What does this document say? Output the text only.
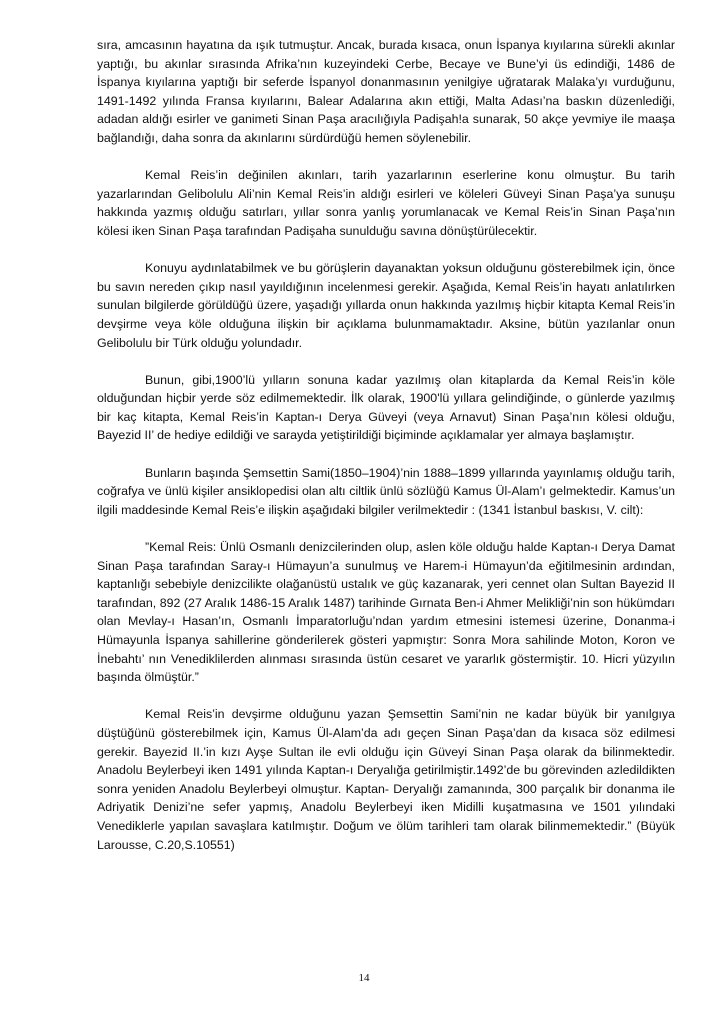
sıra, amcasının hayatına da ışık tutmuştur. Ancak, burada kısaca, onun İspanya kıyılarına sürekli akınlar yaptığı, bu akınlar sırasında Afrika’nın kuzeyindeki Cerbe, Becaye ve Bune’yi üs edindiği, 1486 de İspanya kıyılarına yaptığı bir seferde İspanyol donanmasının yenilgiye uğratarak Malaka’yı vurduğunu, 1491-1492 yılında Fransa kıyılarını, Balear Adalarına akın ettiği, Malta Adası’na baskın düzenlediği, adadan aldığı esirler ve ganimeti Sinan Paşa aracılığıyla Padişah!a sunarak, 50 akçe yevmiye ile maaşa bağlandığı, daha sonra da akınlarını sürdürdüğü hemen söylenebilir.

Kemal Reis’in değinilen akınları, tarih yazarlarının eserlerine konu olmuştur. Bu tarih yazarlarından Gelibolulu Ali’nin Kemal Reis’in aldığı esirleri ve köleleri Güveyi Sinan Paşa’ya sunuşu hakkında yazmış olduğu satırları, yıllar sonra yanlış yorumlanacak ve Kemal Reis’in Sinan Paşa’nın kölesi iken Sinan Paşa tarafından Padişaha sunulduğu savına dönüştürülecektir.

Konuyu aydınlatabilmek ve bu görüşlerin dayanaktan yoksun olduğunu gösterebilmek için, önce bu savın nereden çıkıp nasıl yayıldığının incelenmesi gerekir. Aşağıda, Kemal Reis’in hayatı anlatılırken sunulan bilgilerde görüldüğü üzere, yaşadığı yıllarda onun hakkında yazılmış hiçbir kitapta Kemal Reis’in devşirme veya köle olduğuna ilişkin bir açıklama bulunmamaktadır. Aksine, bütün yazılanlar onun Gelibolulu bir Türk olduğu yolundadır.

Bunun, gibi,1900’lü yılların sonuna kadar yazılmış olan kitaplarda da Kemal Reis’in köle olduğundan hiçbir yerde söz edilmemektedir. İlk olarak, 1900'lü yıllara gelindiğinde, o günlerde yazılmış bir kaç kitapta, Kemal Reis’in Kaptan-ı Derya Güveyi (veya Arnavut) Sinan Paşa’nın kölesi olduğu, Bayezid II’ de hediye edildiği ve sarayda yetiştirildiği biçiminde açıklamalar yer almaya başlamıştır.

Bunların başında Şemsettin Sami(1850–1904)’nin 1888–1899 yıllarında yayınlamış olduğu tarih, coğrafya ve ünlü kişiler ansiklopedisi olan altı ciltlik ünlü sözlüğü Kamus Ül-Alam’ı gelmektedir. Kamus’un ilgili maddesinde Kemal Reis’e ilişkin aşağıdaki bilgiler verilmektedir : (1341 İstanbul baskısı, V. cilt):

”Kemal Reis: Ünlü Osmanlı denizcilerinden olup, aslen köle olduğu halde Kaptan-ı Derya Damat Sinan Paşa tarafından Saray-ı Hümayun’a sunulmuş ve Harem-i Hümayun’da eğitilmesinin ardından, kaptanlığı sebebiyle denizcilikte olağanüstü ustalık ve güç kazanarak, yeri cennet olan Sultan Bayezid II tarafından, 892 (27 Aralık 1486-15 Aralık 1487) tarihinde Gırnata Ben-i Ahmer Melikliği’nin son hükümdarı olan Mevlay-ı Hasan’ın, Osmanlı İmparatorluğu’ndan yardım etmesini istemesi üzerine, Donanma-i Hümayunla İspanya sahillerine gönderilerek gösteri yapmıştır: Sonra Mora sahilinde Moton, Koron ve İnebahtı’ nın Venediklilerden alınması sırasında üstün cesaret ve yararlık göstermiştir. 10. Hicri yüzyılın başında ölmüştür.”

Kemal Reis’in devşirme olduğunu yazan Şemsettin Sami’nin ne kadar büyük bir yanılgıya düştüğünü gösterebilmek için, Kamus Ül-Alam’da adı geçen Sinan Paşa’dan da kısaca söz edilmesi gerekir. Bayezid II.’in kızı Ayşe Sultan ile evli olduğu için Güveyi Sinan Paşa olarak da bilinmektedir. Anadolu Beylerbeyi iken 1491 yılında Kaptan-ı Deryalığa getirilmiştir.1492’de bu görevinden azledildikten sonra yeniden Anadolu Beylerbeyi olmuştur. Kaptan- Deryalığı zamanında, 300 parçalık bir donanma ile Adriyatik Denizi’ne sefer yapmış, Anadolu Beylerbeyi iken Midilli kuşatmasına ve 1501 yılındaki Venediklerle yapılan savaşlara katılmıştır. Doğum ve ölüm tarihleri tam olarak bilinmemektedir.” (Büyük Larousse, C.20,S.10551)

14
